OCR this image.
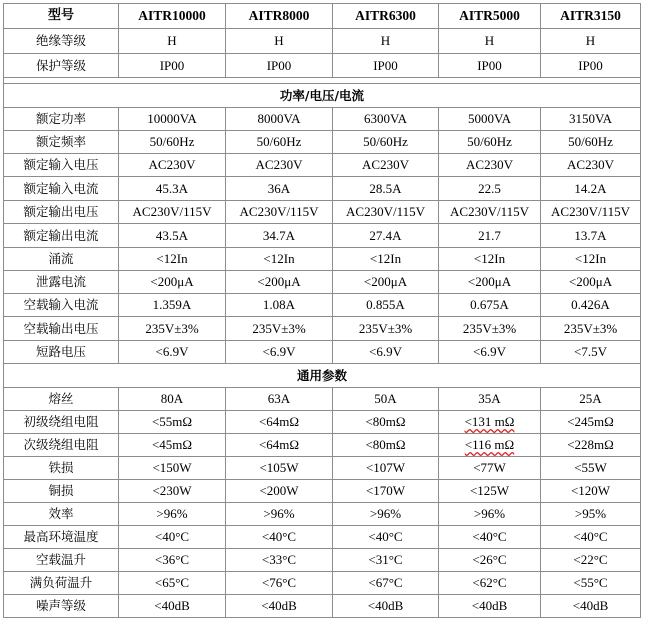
型号	AITR10000	AITR8000	AITR6300	AITR5000	AITR3150
绝缘等级	H	H	H	H	H
保护等级	IP00	IP00	IP00	IP00	IP00

功率/电压/电流					
额定功率	10000VA	8000VA	6300VA	5000VA	3150VA
额定频率	50/60Hz	50/60Hz	50/60Hz	50/60Hz	50/60Hz
额定输入电压	AC230V	AC230V	AC230V	AC230V	AC230V
额定输入电流	45.3A	36A	28.5A	22.5	14.2A
额定输出电压	AC230V/115V	AC230V/115V	AC230V/115V	AC230V/115V	AC230V/115V
额定输出电流	43.5A	34.7A	27.4A	21.7	13.7A
涌流	<12In	<12In	<12In	<12In	<12In
泄露电流	<200μA	<200μA	<200μA	<200μA	<200μA
空载输入电流	1.359A	1.08A	0.855A	0.675A	0.426A
空载输出电压	235V±3%	235V±3%	235V±3%	235V±3%	235V±3%
短路电压	<6.9V	<6.9V	<6.9V	<6.9V	<7.5V
通用参数					
熔丝	80A	63A	50A	35A	25A
初级绕组电阻	<55mΩ	<64mΩ	<80mΩ	<131 mΩ	<245mΩ
次级绕组电阻	<45mΩ	<64mΩ	<80mΩ	<116 mΩ	<228mΩ
铁损	<150W	<105W	<107W	<77W	<55W
铜损	<230W	<200W	<170W	<125W	<120W
效率	>96%	>96%	>96%	>96%	>95%
最高环境温度	<40°C	<40°C	<40°C	<40°C	<40°C
空载温升	<36°C	<33°C	<31°C	<26°C	<22°C
满负荷温升	<65°C	<76°C	<67°C	<62°C	<55°C
噪声等级	<40dB	<40dB	<40dB	<40dB	<40dB
